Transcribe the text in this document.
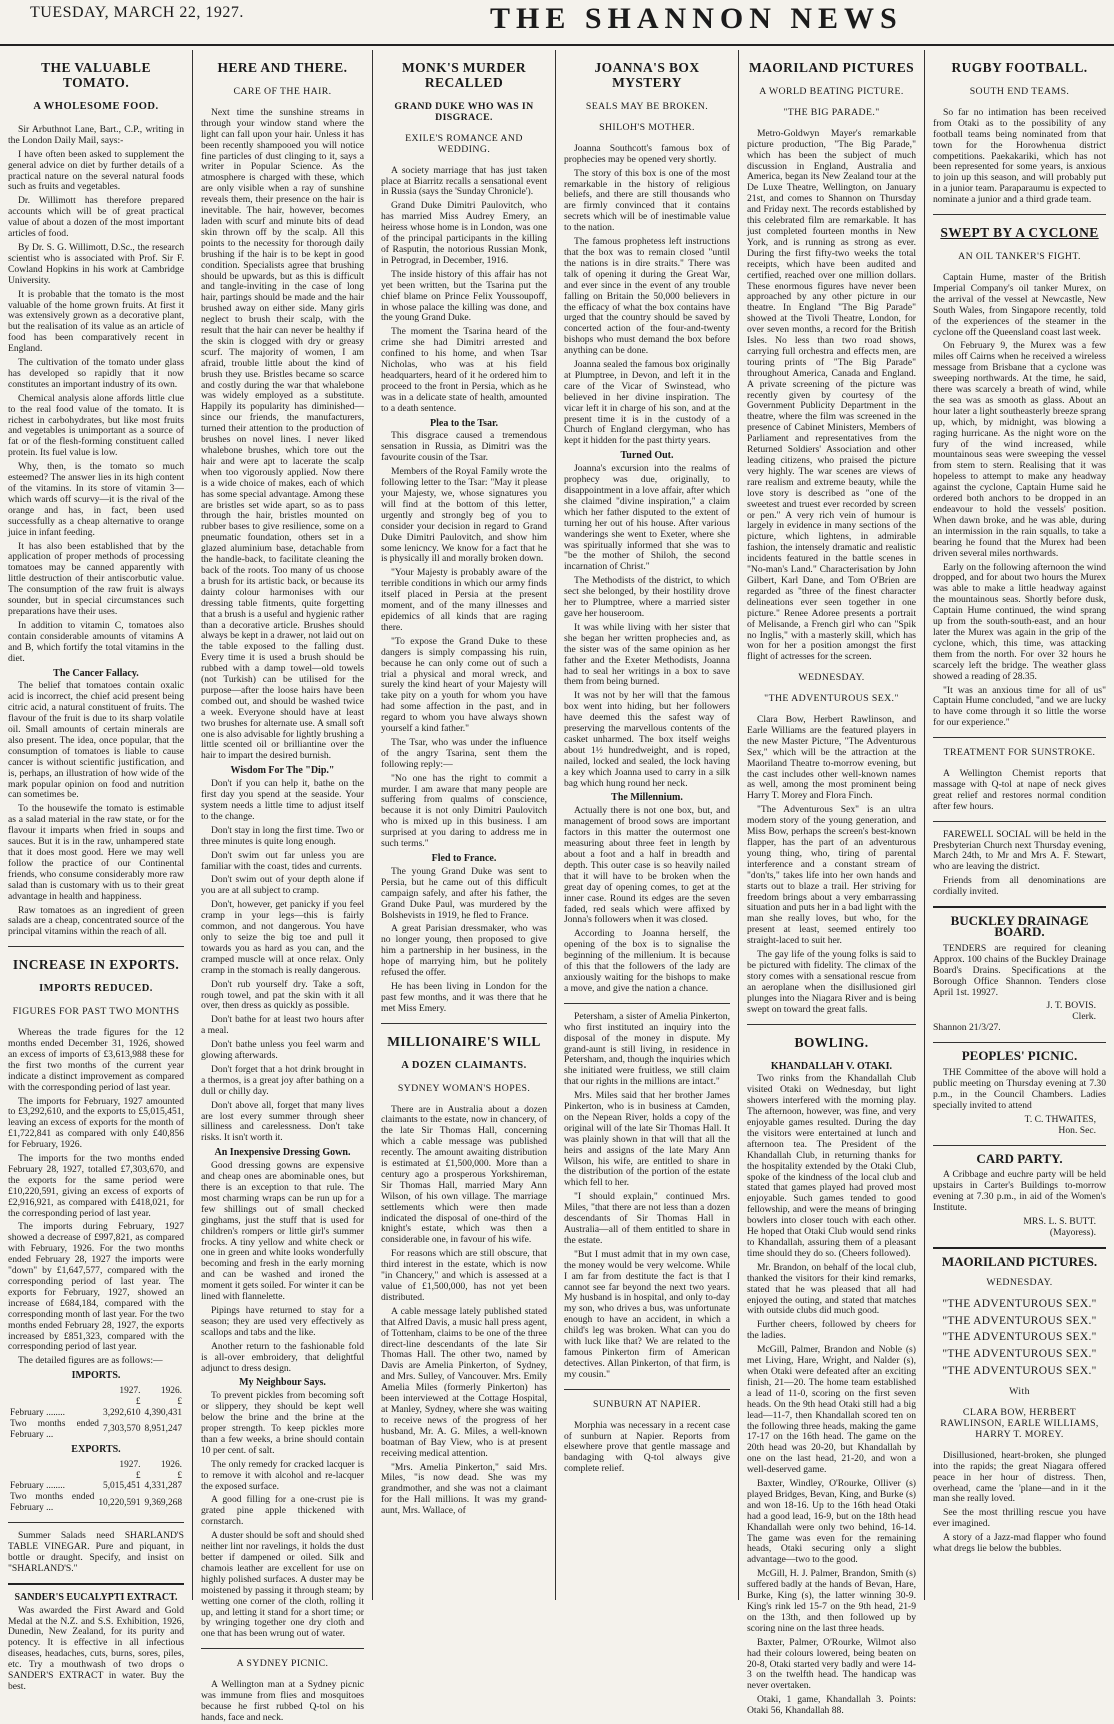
TUESDAY, MARCH 22, 1927.	THE SHANNON NEWS
THE VALUABLE TOMATO.
A WHOLESOME FOOD.

Sir Arbuthnot Lane, Bart., C.P., writing in the London Daily Mail, says:-

I have often been asked to supplement the general advice on diet by further details of a practical nature on the several natural foods such as fruits and vegetables.

Dr. Willimott has therefore prepared accounts which will be of great practical value of about a dozen of the most important articles of food.

By Dr. S. G. Willimott, D.Sc., the research scientist who is associated with Prof. Sir F. Cowland Hopkins in his work at Cambridge University.

It is probable that the tomato is the most valuable of the home grown fruits. At first it was extensively grown as a decorative plant, but the realisation of its value as an article of food has been comparatively recent in England.

The cultivation of the tomato under glass has developed so rapidly that it now constitutes an important industry of its own.

Chemical analysis alone affords little clue to the real food value of the tomato. It is richest in carbohydrates, but like most fruits and vegetables is unimportant as a source of fat or of the flesh-forming constituent called protein. Its fuel value is low.

Why, then, is the tomato so much esteemed? The answer lies in its high content of the vitamins. In its store of vitamin 3—which wards off scurvy—it is the rival of the orange and has, in fact, been used successfully as a cheap alternative to orange juice in infant feeding.

It has also been established that by the application of proper methods of processing tomatoes may be canned apparently with little destruction of their antiscorbutic value. The consumption of the raw fruit is always sounder, but in special circumstances such preparations have their uses.

In addition to vitamin C, tomatoes also contain considerable amounts of vitamins A and B, which fortify the total vitamins in the diet.

The Cancer Fallacy.

The belief that tomatoes contain oxalic acid is incorrect, the chief acid present being citric acid, a natural constituent of fruits. The flavour of the fruit is due to its sharp volatile oil. Small amounts of certain minerals are also present. The idea, once popular, that the consumption of tomatoes is liable to cause cancer is without scientific justification, and is, perhaps, an illustration of how wide of the mark popular opinion on food and nutrition can sometimes be.

To the housewife the tomato is estimable as a salad material in the raw state, or for the flavour it imparts when fried in soups and sauces. But it is in the raw, unhampered state that it does most good. Here we may well follow the practice of our Continental friends, who consume considerably more raw salad than is customary with us to their great advantage in health and happiness.

Raw tomatoes as an ingredient of green salads are a cheap, concentrated source of the principal vitamins within the reach of all.

INCREASE IN EXPORTS.
IMPORTS REDUCED.
FIGURES FOR PAST TWO MONTHS

Whereas the trade figures for the 12 months ended December 31, 1926, showed an excess of imports of £3,613,988 these for the first two months of the current year indicate a distinct improvement as compared with the corresponding period of last year.

The imports for February, 1927 amounted to £3,292,610, and the exports to £5,015,451, leaving an excess of exports for the month of £1,722,841 as compared with only £40,856 for February, 1926.

The imports for the two months ended February 28, 1927, totalled £7,303,670, and the exports for the same period were £10,220,591, giving an excess of exports of £2,916,921, as compared with £418,021, for the corresponding period of last year.

The imports during February, 1927 showed a decrease of £997,821, as compared with February, 1926. For the two months ended February 28, 1927 the imports were "down" by £1,647,577, compared with the corresponding period of last year. The exports for February, 1927, showed an increase of £684,184, compared with the corresponding month of last year. For the two months ended February 28, 1927, the exports increased by £851,323, compared with the corresponding period of last year.

The detailed figures are as follows:—

IMPORTS.
	1927.	1926.
	£	£
February ........	3,292,610	4,390,431
Two months ended February ...	7,303,570	8,951,247
EXPORTS.
	1927.	1926.
	£	£
February ........	5,015,451	4,331,287
Two months ended February ...	10,220,591	9,369,268

Summer Salads need SHARLAND'S TABLE VINEGAR. Pure and piquant, in bottle or draught. Specify, and insist on "SHARLAND'S."

SANDER'S EUCALYPTI EXTRACT.

Was awarded the First Award and Gold Medal at the N.Z. and S.S. Exhibition, 1926, Dunedin, New Zealand, for its purity and potency. It is effective in all infectious diseases, headaches, cuts, burns, sores, piles, etc. Try a mouthwash of two drops o SANDER'S EXTRACT in water. Buy the best.

HERE AND THERE.
CARE OF THE HAIR.

Next time the sunshine streams in through your window stand where the light can fall upon your hair. Unless it has been recently shampooed you will notice fine particles of dust clinging to it, says a writer in Popular Science. As the atmosphere is charged with these, which are only visible when a ray of sunshine reveals them, their presence on the hair is inevitable. The hair, however, becomes laden with scurf and minute bits of dead skin thrown off by the scalp. All this points to the necessity for thorough daily brushing if the hair is to be kept in good condition. Specialists agree that brushing should be upwards, but as this is difficult and tangle-inviting in the case of long hair, partings should be made and the hair brushed away on either side. Many girls neglect to brush their scalp, with the result that the hair can never be healthy if the skin is clogged with dry or greasy scurf. The majority of women, I am afraid, trouble little about the kind of brush they use. Bristles became so scarce and costly during the war that whalebone was widely employed as a substitute. Happily its popularity has diminished—since our friends, the manufacturers, turned their attention to the production of brushes on novel lines. I never liked whalebone brushes, which tore out the hair and were apt to lacerate the scalp when too vigorously applied. Now there is a wide choice of makes, each of which has some special advantage. Among these are bristles set wide apart, so as to pass through the hair, bristles mounted on rubber bases to give resilience, some on a pneumatic foundation, others set in a glazed aluminium base, detachable from the handle-back, to facilitate cleaning the back of the roots. Too many of us choose a brush for its artistic back, or because its dainty colour harmonises with our dressing table fitments, quite forgetting that a brush is a useful and hygienic rather than a decorative article. Brushes should always be kept in a drawer, not laid out on the table exposed to the falling dust. Every time it is used a brush should be rubbed with a damp towel—old towels (not Turkish) can be utilised for the purpose—after the loose hairs have been combed out, and should be washed twice a week. Everyone should have at least two brushes for alternate use. A small soft one is also advisable for lightly brushing a little scented oil or brilliantine over the hair to impart the desired burnish.

Wisdom For The "Dip."

Don't if you can help it, bathe on the first day you spend at the seaside. Your system needs a little time to adjust itself to the change.

Don't stay in long the first time. Two or three minutes is quite long enough.

Don't swim out far unless you are familiar with the coast, tides and currents.

Don't swim out of your depth alone if you are at all subject to cramp.

Don't, however, get panicky if you feel cramp in your legs—this is fairly common, and not dangerous. You have only to seize the big toe and pull it towards you as hard as you can, and the cramped muscle will at once relax. Only cramp in the stomach is really dangerous.

Don't rub yourself dry. Take a soft, rough towel, and pat the skin with it all over, then dress as quickly as possible.

Don't bathe for at least two hours after a meal.

Don't bathe unless you feel warm and glowing afterwards.

Don't forget that a hot drink brought in a thermos, is a great joy after bathing on a dull or chilly day.

Don't above all, forget that many lives are lost every summer through sheer silliness and carelessness. Don't take risks. It isn't worth it.

An Inexpensive Dressing Gown.

Good dressing gowns are expensive and cheap ones are abominable ones, but there is an exception to that rule. The most charming wraps can be run up for a few shillings out of small checked ginghams, just the stuff that is used for children's rompers or little girl's summer frocks. A tiny yellow and white check or one in green and white looks wonderfully becoming and fresh in the early morning and can be washed and ironed the moment it gets soiled. For winter it can be lined with flannelette.

Pipings have returned to stay for a season; they are used very effectively as scallops and tabs and the like.

Another return to the fashionable fold is all-over embroidery, that delightful adjunct to dress design.

My Neighbour Says.

To prevent pickles from becoming soft or slippery, they should be kept well below the brine and the brine at the proper strength. To keep pickles more than a few weeks, a brine should contain 10 per cent. of salt.

The only remedy for cracked lacquer is to remove it with alcohol and re-lacquer the exposed surface.

A good filling for a one-crust pie is grated pine apple thickened with cornstarch.

A duster should be soft and should shed neither lint nor ravelings, it holds the dust better if dampened or oiled. Silk and chamois leather are excellent for use on highly polished surfaces. A duster may be moistened by passing it through steam; by wetting one corner of the cloth, rolling it up, and letting it stand for a short time; or by wringing together one dry cloth and one that has been wrung out of water.

A SYDNEY PICNIC.

A Wellington man at a Sydney picnic was immune from flies and mosquitoes because he first rubbed Q-tol on his hands, face and neck.

MONK'S MURDER RECALLED
GRAND DUKE WHO WAS IN DISGRACE.
EXILE'S ROMANCE AND WEDDING.

A society marriage that has just taken place at Biarritz recalls a sensational event in Russia (says the 'Sunday Chronicle').

Grand Duke Dimitri Paulovitch, who has married Miss Audrey Emery, an heiress whose home is in London, was one of the principal participants in the killing of Rasputin, the notorious Russian Monk, in Petrograd, in December, 1916.

The inside history of this affair has not yet been written, but the Tsarina put the chief blame on Prince Felix Youssoupoff, in whose palace the killing was done, and the young Grand Duke.

The moment the Tsarina heard of the crime she had Dimitri arrested and confined to his home, and when Tsar Nicholas, who was at his field headquarters, heard of it he ordered him to proceed to the front in Persia, which as he was in a delicate state of health, amounted to a death sentence.

Plea to the Tsar.

This disgrace caused a tremendous sensation in Russia, as Dimitri was the favourite cousin of the Tsar.

Members of the Royal Family wrote the following letter to the Tsar: "May it please your Majesty, we, whose signatures you will find at the bottom of this letter, urgently and strongly beg of you to consider your decision in regard to Grand Duke Dimitri Paulovitch, and show him some lenicncy. We know for a fact that he is physically ill and morally broken down.

"Your Majesty is probably aware of the terrible conditions in which our army finds itself placed in Persia at the present moment, and of the many illnesses and epidemics of all kinds that are raging there.

"To expose the Grand Duke to these dangers is simply compassing his ruin, because he can only come out of such a trial a physical and moral wreck, and surely the kind heart of your Majesty will take pity on a youth for whom you have had some affection in the past, and in regard to whom you have always shown yourself a kind father."

The Tsar, who was under the influence of the angry Tsarina, sent them the following reply:—

"No one has the right to commit a murder. I am aware that many people are suffering from qualms of conscience, because it is not only Dimitri Paulovitch who is mixed up in this business. I am surprised at you daring to address me in such terms."

Fled to France.

The young Grand Duke was sent to Persia, but he came out of this difficult campaign safely, and after his father, the Grand Duke Paul, was murdered by the Bolshevists in 1919, he fled to France.

A great Parisian dressmaker, who was no longer young, then proposed to give him a partnership in her business, in the hope of marrying him, but he politely refused the offer.

He has been living in London for the past few months, and it was there that he met Miss Emery.

MILLIONAIRE'S WILL
A DOZEN CLAIMANTS.
SYDNEY WOMAN'S HOPES.

There are in Australia about a dozen claimants to the estate, now in chancery, of the late Sir Thomas Hall, concerning which a cable message was published recently. The amount awaiting distribution is estimated at £1,500,000. More than a century ago a prosperous Yorkshireman, Sir Thomas Hall, married Mary Ann Wilson, of his own village. The marriage settlements which were then made indicated the disposal of one-third of the knight's estate, which was then a considerable one, in favour of his wife.

For reasons which are still obscure, that third interest in the estate, which is now "in Chancery," and which is assessed at a value of £1,500,000, has not yet been distributed.

A cable message lately published stated that Alfred Davis, a music hall press agent, of Tottenham, claims to be one of the three direct-line descendants of the late Sir Thomas Hall. The other two, named by Davis are Amelia Pinkerton, of Sydney, and Mrs. Sulley, of Vancouver. Mrs. Emily Amelia Miles (formerly Pinkerton) has been interviewed at the Cottage Hospital, at Manley, Sydney, where she was waiting to receive news of the progress of her husband, Mr. A. G. Miles, a well-known boatman of Bay View, who is at present receiving medical attention.

"Mrs. Amelia Pinkerton," said Mrs. Miles, "is now dead. She was my grandmother, and she was not a claimant for the Hall millions. It was my grand-aunt, Mrs. Wallace, of

JOANNA'S BOX MYSTERY
SEALS MAY BE BROKEN.
SHILOH'S MOTHER.

Joanna Southcott's famous box of prophecies may be opened very shortly.

The story of this box is one of the most remarkable in the history of religious beliefs, and there are still thousands who are firmly convinced that it contains secrets which will be of inestimable value to the nation.

The famous prophetess left instructions that the box was to remain closed "until the nations is in dire straits." There was talk of opening it during the Great War, and ever since in the event of any trouble falling on Britain the 50,000 believers in the efficacy of what the box contains have urged that the country should be saved by concerted action of the four-and-twenty bishops who must demand the box before anything can be done.

Joanna sealed the famous box originally at Plumptree, in Devon, and left it in the care of the Vicar of Swinstead, who believed in her divine inspiration. The vicar left it in charge of his son, and at the present time it is in the custody of a Church of England clergyman, who has kept it hidden for the past thirty years.

Turned Out.

Joanna's excursion into the realms of prophecy was due, originally, to disappointment in a love affair, after which she claimed "divine inspiration," a claim which her father disputed to the extent of turning her out of his house. After various wanderings she went to Exeter, where she was spiritually informed that she was to "be the mother of Shiloh, the second incarnation of Christ."

The Methodists of the district, to which sect she belonged, by their hostility drove her to Plumptree, where a married sister gave her houseroom.

It was while living with her sister that she began her written prophecies and, as the sister was of the same opinion as her father and the Exeter Methodists, Joanna had to seal her writings in a box to save them from being burned.

It was not by her will that the famous box went into hiding, but her followers have deemed this the safest way of preserving the marvellous contents of the casket unharmed. The box itself weighs about 1½ hundredweight, and is roped, nailed, locked and sealed, the lock having a key which Joanna used to carry in a silk bag which hung round her neck.

The Millennium.

Actually there is not one box, but, and management of brood sows are important factors in this matter the outermost one measuring about three feet in length by about a foot and a half in breadth and depth. This outer case is so heavily nailed that it will have to be broken when the great day of opening comes, to get at the inner case. Round its edges are the seven faded, red seals which were affixed by Jonna's followers when it was closed.

According to Joanna herself, the opening of the box is to signalise the beginning of the millenium. It is because of this that the followers of the lady are anxiously waiting for the bishops to make a move, and give the nation a chance.

Petersham, a sister of Amelia Pinkerton, who first instituted an inquiry into the disposal of the money in dispute. My grand-aunt is still living, in residence in Petersham, and, though the inquiries which she initiated were fruitless, we still claim that our rights in the millions are intact."

Mrs. Miles said that her brother James Pinkerton, who is in business at Camden, on the Nepean River, holds a copy of the original will of the late Sir Thomas Hall. It was plainly shown in that will that all the heirs and assigns of the late Mary Ann Wilson, his wife, are entitled to share in the distribution of the portion of the estate which fell to her.

"I should explain," continued Mrs. Miles, "that there are not less than a dozen descendants of Sir Thomas Hall in Australia—all of them entitled to share in the estate.

"But I must admit that in my own case, the money would be very welcome. While I am far from destitute the fact is that I cannot see far beyond the next two years. My husband is in hospital, and only to-day my son, who drives a bus, was unfortunate enough to have an accident, in which a child's leg was broken. What can you do with luck like that? We are related to the famous Pinkerton firm of American detectives. Allan Pinkerton, of that firm, is my cousin."

SUNBURN AT NAPIER.

Morphia was necessary in a recent case of sunburn at Napier. Reports from elsewhere prove that gentle massage and bandaging with Q-tol always give complete relief.

MAORILAND PICTURES
A WORLD BEATING PICTURE.
"THE BIG PARADE."

Metro-Goldwyn Mayer's remarkable picture production, "The Big Parade," which has been the subject of much discussion in England, Australia and America, began its New Zealand tour at the De Luxe Theatre, Wellington, on January 21st, and comes to Shannon on Thursday and Friday next. The records established by this celebrated film are remarkable. It has just completed fourteen months in New York, and is running as strong as ever. During the first fifty-two weeks the total receipts, which have been audited and certified, reached over one million dollars. These enormous figures have never been approached by any other picture in our theatre. In England "The Big Parade" showed at the Tivoli Theatre, London, for over seven months, a record for the British Isles. No less than two road shows, carrying full orchestra and effects men, are touring prints of "The Big Parade" throughout America, Canada and England. A private screening of the picture was recently given by courtesy of the Government Publicity Department in the theatre, where the film was screened in the presence of Cabinet Ministers, Members of Parliament and representatives from the Returned Soldiers' Association and other leading citizens, who praised the picture very highly. The war scenes are views of rare realism and extreme beauty, while the love story is described as "one of the sweetest and truest ever recorded by screen or pen." A very rich vein of humour is largely in evidence in many sections of the picture, which lightens, in admirable fashion, the intensely dramatic and realistic incidents featured in the battle scenes in "No-man's Land." Characterisation by John Gilbert, Karl Dane, and Tom O'Brien are regarded as "three of the finest character delineations ever seen together in one picture." Renee Adoree presents a portrait of Melisande, a French girl who can "Spik no Inglis," with a masterly skill, which has won for her a position amongst the first flight of actresses for the screen.

WEDNESDAY.
"THE ADVENTUROUS SEX."

Clara Bow, Herbert Rawlinson, and Earle Williams are the featured players in the new Master Picture, "The Adventurous Sex," which will be the attraction at the Maoriland Theatre to-morrow evening, but the cast includes other well-known names as well, among the most prominent being Harry T. Morey and Flora Finch.

"The Adventurous Sex" is an ultra modern story of the young generation, and Miss Bow, perhaps the screen's best-known flapper, has the part of an adventurous young thing, who, tiring of parental interference and a constant stream of "don'ts," takes life into her own hands and starts out to blaze a trail. Her striving for freedom brings about a very embarrassing situation and puts her in a bad light with the man she really loves, but who, for the present at least, seemed entirely too straight-laced to suit her.

The gay life of the young folks is said to be pictured with fidelity. The climax of the story comes with a sensational rescue from an aeroplane when the disillusioned girl plunges into the Niagara River and is being swept on toward the great falls.

BOWLING.
KHANDALLAH V. OTAKI.

Two rinks from the Khandallah Club visited Otaki on Wednesday, but light showers interfered with the morning play. The afternoon, however, was fine, and very enjoyable games resulted. During the day the visitors were entertained at lunch and afternoon tea. The President of the Khandallah Club, in returning thanks for the hospitality extended by the Otaki Club, spoke of the kindness of the local club and stated that games played had proved most enjoyable. Such games tended to good fellowship, and were the means of bringing bowlers into closer touch with each other. He hoped that Otaki Club would send rinks to Khandallah, assuring them of a pleasant time should they do so. (Cheers followed).

Mr. Brandon, on behalf of the local club, thanked the visitors for their kind remarks, stated that he was pleased that all had enjoyed the outing, and stated that matches with outside clubs did much good.

Further cheers, followed by cheers for the ladies.

McGill, Palmer, Brandon and Noble (s) met Living, Hare, Wright, and Nalder (s), when Otaki were defeated after an exciting finish, 21—20. The home team established a lead of 11-0, scoring on the first seven heads. On the 9th head Otaki still had a big lead—11-7, then Khandallah scored ten on the following three heads, making the game 17-17 on the 16th head. The game on the 20th head was 20-20, but Khandallah by one on the last head, 21-20, and won a well-deserved game.

Baxter, Windley, O'Rourke, Olliver (s) played Bridges, Bevan, King, and Burke (s) and won 18-16. Up to the 16th head Otaki had a good lead, 16-9, but on the 18th head Khandallah were only two behind, 16-14. The game was even for the remaining heads, Otaki securing only a slight advantage—two to the good.

McGill, H. J. Palmer, Brandon, Smith (s) suffered badly at the hands of Bevan, Hare, Burke, King (s), the latter winning 30-9. King's rink led 15-7 on the 9th head, 21-9 on the 13th, and then followed up by scoring nine on the last three heads.

Baxter, Palmer, O'Rourke, Wilmot also had their colours lowered, being beaten on 20-8, Otaki started very badly and were 14-3 on the twelfth head. The handicap was never overtaken.

Otaki, 1 game, Khandallah 3. Points: Otaki 56, Khandallah 88.

RUGBY FOOTBALL.
SOUTH END TEAMS.

So far no intimation has been received from Otaki as to the possibility of any football teams being nominated from that town for the Horowhenua district competitions. Paekakariki, which has not been represented for some years, is anxious to join up this season, and will probably put in a junior team. Paraparaumu is expected to nominate a junior and a third grade team.

SWEPT BY A CYCLONE
AN OIL TANKER'S FIGHT.

Captain Hume, master of the British Imperial Company's oil tanker Murex, on the arrival of the vessel at Newcastle, New South Wales, from Singapore recently, told of the experiences of the steamer in the cyclone off the Queensland coast last week.

On February 9, the Murex was a few miles off Cairns when he received a wireless message from Brisbane that a cyclone was sweeping northwards. At the time, he said, there was scarcely a breath of wind, while the sea was as smooth as glass. About an hour later a light southeasterly breeze sprang up, which, by midnight, was blowing a raging hurricane. As the night wore on the fury of the wind increased, while mountainous seas were sweeping the vessel from stem to stern. Realising that it was hopeless to attempt to make any headway against the cyclone, Captain Hume said he ordered both anchors to be dropped in an endeavour to hold the vessels' position. When dawn broke, and he was able, during an intermission in the rain squalls, to take a bearing he found that the Murex had been driven several miles northwards.

Early on the following afternoon the wind dropped, and for about two hours the Murex was able to make a little headway against the mountainous seas. Shortly before dusk, Captain Hume continued, the wind sprang up from the south-south-east, and an hour later the Murex was again in the grip of the cyclone, which, this time, was attacking them from the north. For over 32 hours he scarcely left the bridge. The weather glass showed a reading of 28.35.

"It was an anxious time for all of us" Captain Hume concluded, "and we are lucky to have come through it so little the worse for our experience."

TREATMENT FOR SUNSTROKE.

A Wellington Chemist reports that massage with Q-tol at nape of neck gives great relief and restores normal condition after few hours.

FAREWELL SOCIAL will be held in the Presbyterian Church next Thursday evening, March 24th, to Mr and Mrs A. F. Stewart, who are leaving the district.

Friends from all denominations are cordially invited.

BUCKLEY DRAINAGE BOARD.

TENDERS are required for cleaning Approx. 100 chains of the Buckley Drainage Board's Drains. Specifications at the Borough Office Shannon. Tenders close April 1st. 19927.

J. T. BOVIS.
Clerk.
Shannon 21/3/27.
PEOPLES' PICNIC.

THE Committee of the above will hold a public meeting on Thursday evening at 7.30 p.m., in the Council Chambers. Ladies specially invited to attend

T. C. THWAITES,
Hon. Sec.
CARD PARTY.

A Cribbage and euchre party will be held upstairs in Carter's Buildings to-morrow evening at 7.30 p.m., in aid of the Women's Institute.

MRS. L. S. BUTT.
(Mayoress).
MAORILAND PICTURES.
WEDNESDAY.
"THE ADVENTUROUS SEX."
"THE ADVENTUROUS SEX."
"THE ADVENTUROUS SEX."
"THE ADVENTUROUS SEX."
"THE ADVENTUROUS SEX."
With
CLARA BOW, HERBERT RAWLINSON, EARLE WILLIAMS, HARRY T. MOREY.

Disillusioned, heart-broken, she plunged into the rapids; the great Niagara offered peace in her hour of distress. Then, overhead, came the 'plane—and in it the man she really loved.

See the most thrilling rescue you have ever imagined.

A story of a Jazz-mad flapper who found what dregs lie below the bubbles.
